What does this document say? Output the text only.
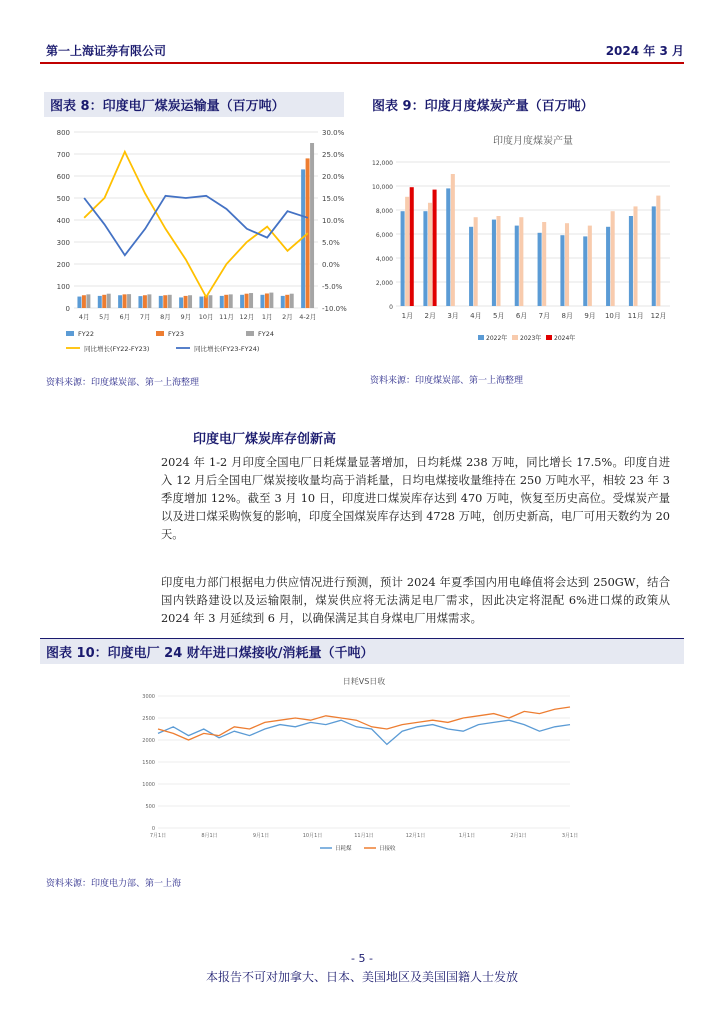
第一上海证券有限公司	2024 年 3 月
图表 8：印度电厂煤炭运输量（百万吨）
0
100
200
300
400
500
600
700
800	30.0%
25.0%
20.0%
15.0%
10.0%
5.0%
0.0%
-5.0%
-10.0%
4月 5月 6月 7月 8月 9月 10月 11月 12月 1月 2月 4-2月
FY22	FY23	FY24
同比增长(FY22-FY23)	同比增长(FY23-FY24)
资料来源：印度煤炭部、第一上海整理
图表 9：印度月度煤炭产量（百万吨）
印度月度煤炭产量
0
2,000
4,000
6,000
8,000
10,000
12,000
1月 2月 3月 4月 5月 6月 7月 8月 9月 10月 11月 12月
2022年 2023年 2024年
资料来源：印度煤炭部、第一上海整理
印度电厂煤炭库存创新高
2024 年 1-2 月印度全国电厂日耗煤量显著增加，日均耗煤 238 万吨，同比增长 17.5%。印度自进入 12 月后全国电厂煤炭接收量均高于消耗量，日均电煤接收量维持在 250 万吨水平，相较 23 年 3 季度增加 12%。截至 3 月 10 日，印度进口煤炭库存达到 470 万吨，恢复至历史高位。受煤炭产量以及进口煤采购恢复的影响，印度全国煤炭库存达到 4728 万吨，创历史新高，电厂可用天数约为 20 天。
印度电力部门根据电力供应情况进行预测，预计 2024 年夏季国内用电峰值将会达到 250GW，结合国内铁路建设以及运输限制，煤炭供应将无法满足电厂需求，因此决定将混配 6%进口煤的政策从 2024 年 3 月延续到 6 月，以确保满足其自身煤电厂用煤需求。
图表 10：印度电厂 24 财年进口煤接收/消耗量（千吨）
日耗VS日收
0
500
1000
1500
2000
2500
3000
7月1日	8月1日	9月1日	10月1日	11月1日	12月1日	1月1日	2月1日	3月1日
日耗煤	日接收
资料来源：印度电力部、第一上海
- 5 -
本报告不可对加拿大、日本、美国地区及美国国籍人士发放
